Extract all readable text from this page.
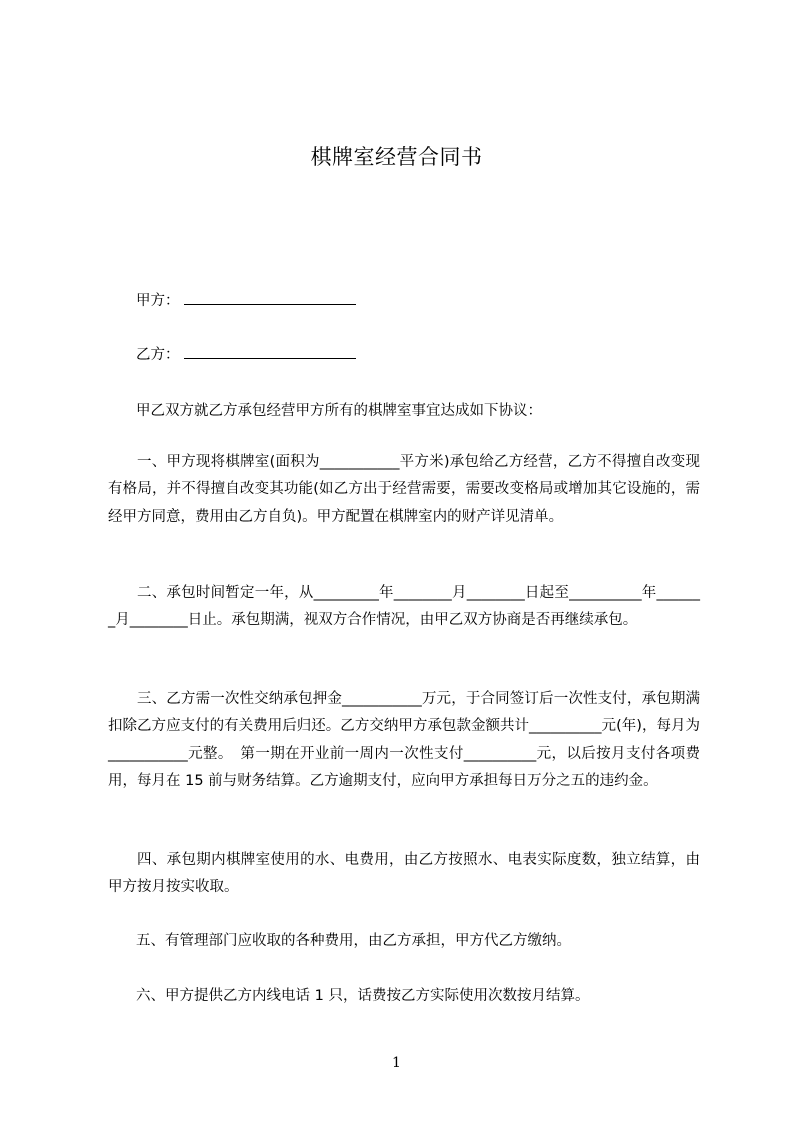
棋牌室经营合同书
甲方：
乙方：
甲乙双方就乙方承包经营甲方所有的棋牌室事宜达成如下协议：
一、甲方现将棋牌室(面积为___________平方米)承包给乙方经营，乙方不得擅自改变现有格局，并不得擅自改变其功能(如乙方出于经营需要，需要改变格局或增加其它设施的，需经甲方同意，费用由乙方自负)。甲方配置在棋牌室内的财产详见清单。
二、承包时间暂定一年，从_________年________月________日起至__________年_______月________日止。承包期满，视双方合作情况，由甲乙双方协商是否再继续承包。
三、乙方需一次性交纳承包押金___________万元，于合同签订后一次性支付，承包期满扣除乙方应支付的有关费用后归还。乙方交纳甲方承包款金额共计__________元(年)，每月为___________元整。　第一期在开业前一周内一次性支付__________元，以后按月支付各项费用，每月在 15 前与财务结算。乙方逾期支付，应向甲方承担每日万分之五的违约金。
四、承包期内棋牌室使用的水、电费用，由乙方按照水、电表实际度数，独立结算，由甲方按月按实收取。
五、有管理部门应收取的各种费用，由乙方承担，甲方代乙方缴纳。
六、甲方提供乙方内线电话 1 只，话费按乙方实际使用次数按月结算。
1
